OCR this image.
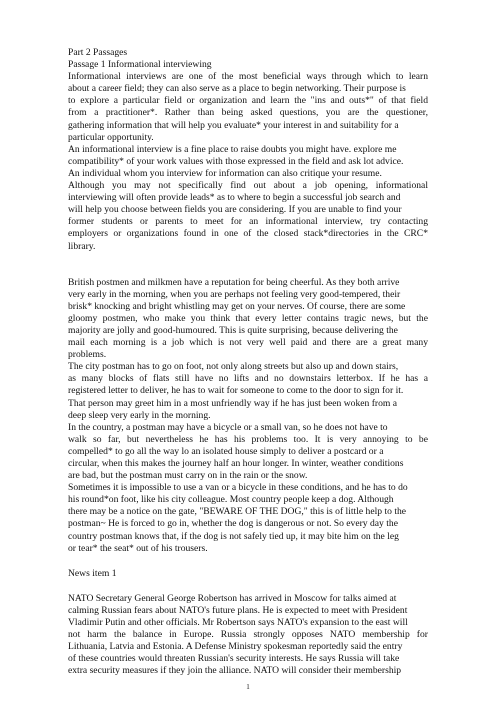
Part 2 Passages
Passage 1 Informational interviewing
Informational interviews are one of the most beneficial ways through which to learn
about a career field; they can also serve as a place to begin networking. Their purpose is
to explore a particular field or organization and learn the "ins and outs*" of that field
from a practitioner*. Rather than being asked questions, you are the questioner,
gathering information that will help you evaluate* your interest in and suitability for a
particular opportunity.
An informational interview is a fine place to raise doubts you might have. explore me
compatibility* of your work values with those expressed in the field and ask lot advice.
An individual whom you interview for information can also critique your resume.
Although you may not specifically find out about a job opening, informational
interviewing will often provide leads* as to where to begin a successful job search and
will help you choose between fields you are considering. If you are unable to find your
former students or parents to meet for an informational interview, try contacting
employers or organizations found in one of the closed stack*directories in the CRC*
library.
British postmen and milkmen have a reputation for being cheerful. As they both arrive
very early in the morning, when you are perhaps not feeling very good-tempered, their
brisk* knocking and bright whistling may get on your nerves. Of course, there are some
gloomy postmen, who make you think that every letter contains tragic news, but the
majority are jolly and good-humoured. This is quite surprising, because delivering the
mail each morning is a job which is not very well paid and there are a great many
problems.
The city postman has to go on foot, not only along streets but also up and down stairs,
as many blocks of flats still have no lifts and no downstairs letterbox. If he has a
registered letter to deliver, he has to wait for someone to come to the door to sign for it.
That person may greet him in a most unfriendly way if he has just been woken from a
deep sleep very early in the morning.
In the country, a postman may have a bicycle or a small van, so he does not have to
walk so far, but nevertheless he has his problems too. It is very annoying to be
compelled* to go all the way lo an isolated house simply to deliver a postcard or a
circular, when this makes the journey half an hour longer. In winter, weather conditions
are bad, but the postman must carry on in the rain or the snow.
Sometimes it is impossible to use a van or a bicycle in these conditions, and he has to do
his round*on foot, like his city colleague. Most country people keep a dog. Although
there may be a notice on the gate, "BEWARE OF THE DOG," this is of little help to the
postman~ He is forced to go in, whether the dog is dangerous or not. So every day the
country postman knows that, if the dog is not safely tied up, it may bite him on the leg
or tear* the seat* out of his trousers.
News item 1
NATO Secretary General George Robertson has arrived in Moscow for talks aimed at
calming Russian fears about NATO's future plans. He is expected to meet with President
Vladimir Putin and other officials. Mr Robertson says NATO's expansion to the east will
not harm the balance in Europe. Russia strongly opposes NATO membership for
Lithuania, Latvia and Estonia. A Defense Ministry spokesman reportedly said the entry
of these countries would threaten Russian's security interests. He says Russia will take
extra security measures if they join the alliance. NATO will consider their membership
1
